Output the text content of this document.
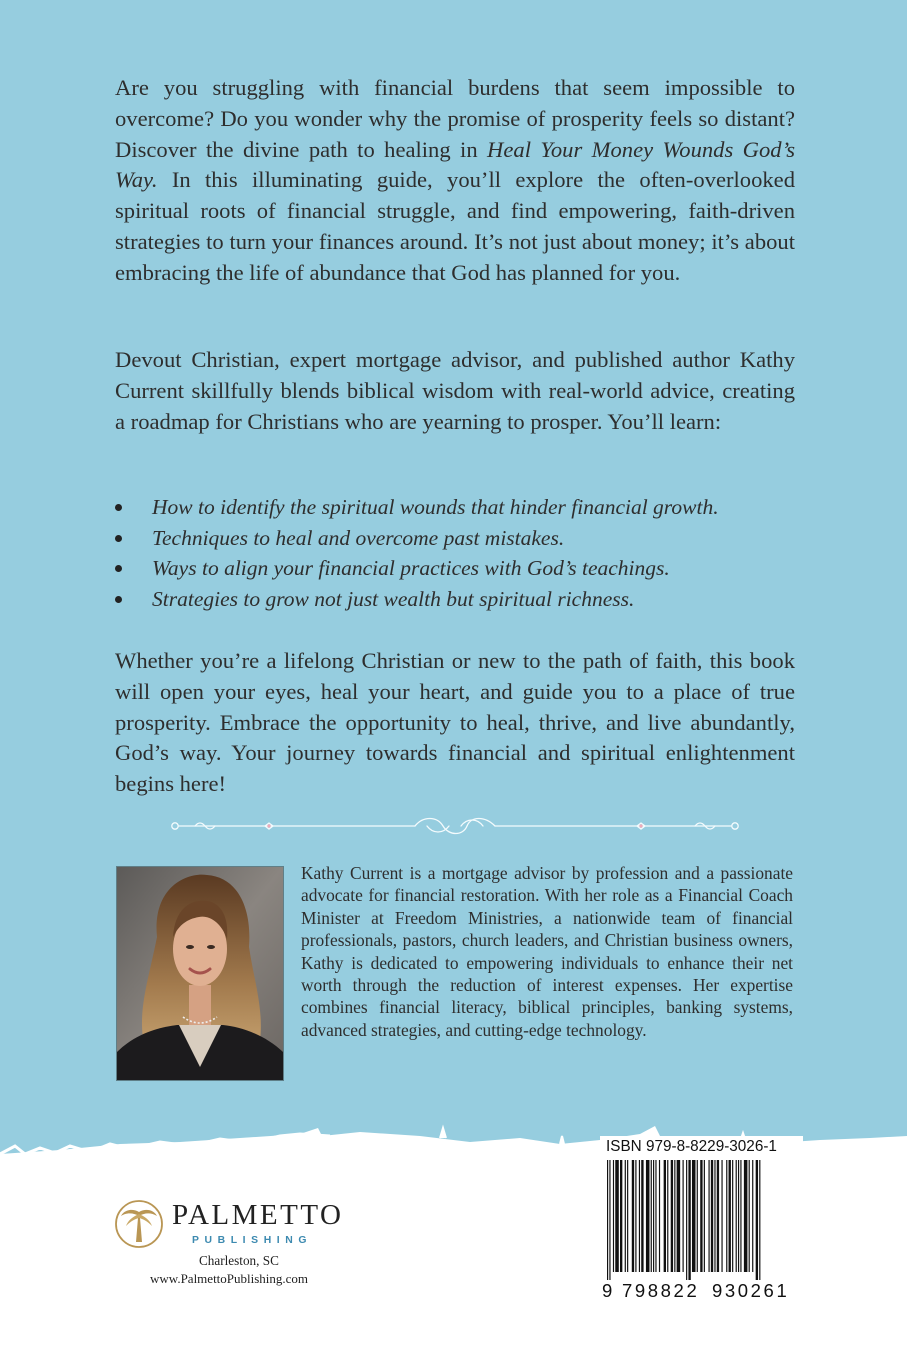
Are you struggling with financial burdens that seem impossible to overcome? Do you wonder why the promise of prosperity feels so distant? Discover the divine path to healing in Heal Your Money Wounds God’s Way. In this illuminating guide, you’ll explore the often-overlooked spiritual roots of financial struggle, and find empowering, faith-driven strategies to turn your finances around. It’s not just about money; it’s about embracing the life of abundance that God has planned for you.

Devout Christian, expert mortgage advisor, and published author Kathy Current skillfully blends biblical wisdom with real-world advice, creating a roadmap for Christians who are yearning to prosper. You’ll learn:

How to identify the spiritual wounds that hinder financial growth.
Techniques to heal and overcome past mistakes.
Ways to align your financial practices with God’s teachings.
Strategies to grow not just wealth but spiritual richness.

Whether you’re a lifelong Christian or new to the path of faith, this book will open your eyes, heal your heart, and guide you to a place of true prosperity. Embrace the opportunity to heal, thrive, and live abundantly, God’s way. Your journey towards financial and spiritual enlightenment begins here!

Kathy Current is a mortgage advisor by profession and a passionate advocate for financial restoration. With her role as a Financial Coach Minister at Freedom Ministries, a nationwide team of financial professionals, pastors, church leaders, and Christian business owners, Kathy is dedicated to empowering individuals to enhance their net worth through the reduction of interest expenses. Her expertise combines financial literacy, biblical principles, banking systems, advanced strategies, and cutting-edge technology.

PALMETTO
PUBLISHING
Charleston, SC
www.PalmettoPublishing.com
ISBN 979-8-8229-3026-1
9 798822 930261
